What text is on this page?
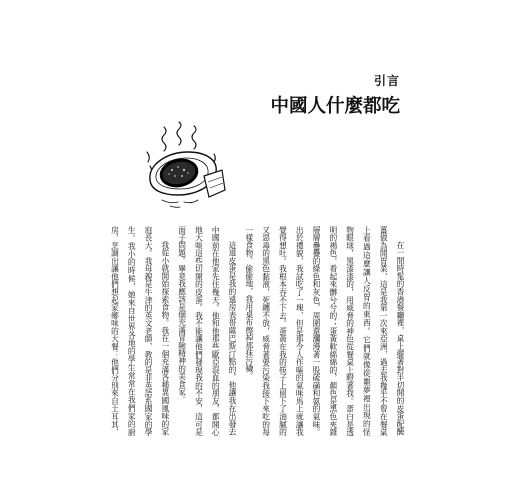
引言
中國人什麼都吃
在一間時髦的香港餐廳裡，桌上擺著對半切開的皮蛋配醃
薑做為開胃菜，這是我第一次來亞洲，過去我幾乎不曾在餐桌
上看過這麼讓人反胃的東西。它們就像從噩夢裡出現的怪
物眼球，黑漆漆的，用威脅的神色從餐桌上瞪著我。蛋白是透
明的褐色，看起來髒兮兮的；蛋黃軟綿綿的，顏色是黑色夾雜
層層疊疊的綠色和灰色，周圍還瀰漫著一股硫磺和氨的氣味。
出於禮貌，我試吃了一塊，但是那令人作嘔的氣味馬上就讓我
覺得想吐。我根本吞不下去。蛋黃在我的筷子上留下了油膩的
又惡毒的黑色黏液，死纏不放，威脅著要污染我接下來吃的每
一樣食物。偷偷地，我用桌布擦掉那抹污穢。
這道皮蛋是我的遠房表哥薩巴斯汀點的，他讓我在出發去
中國前在他家先住幾天。他和他那些歐亞混血的朋友，都開心
地大啖這些切開的皮蛋。我不能讓他們發現我的不安，這可是
面子問題。畢竟我應該是個充滿冒險精神的美食家。
我從小就開始探索食物。我在一個充滿各種異國風味的家
庭長大。我母親是牛津的英文老師，教的是非英語系國家的學
生。我小的時候，她來自世界各地的學生常常在我們家的廚
房，烹調出讓他們想起家鄉味的大餐：他們分別來自土耳其、
